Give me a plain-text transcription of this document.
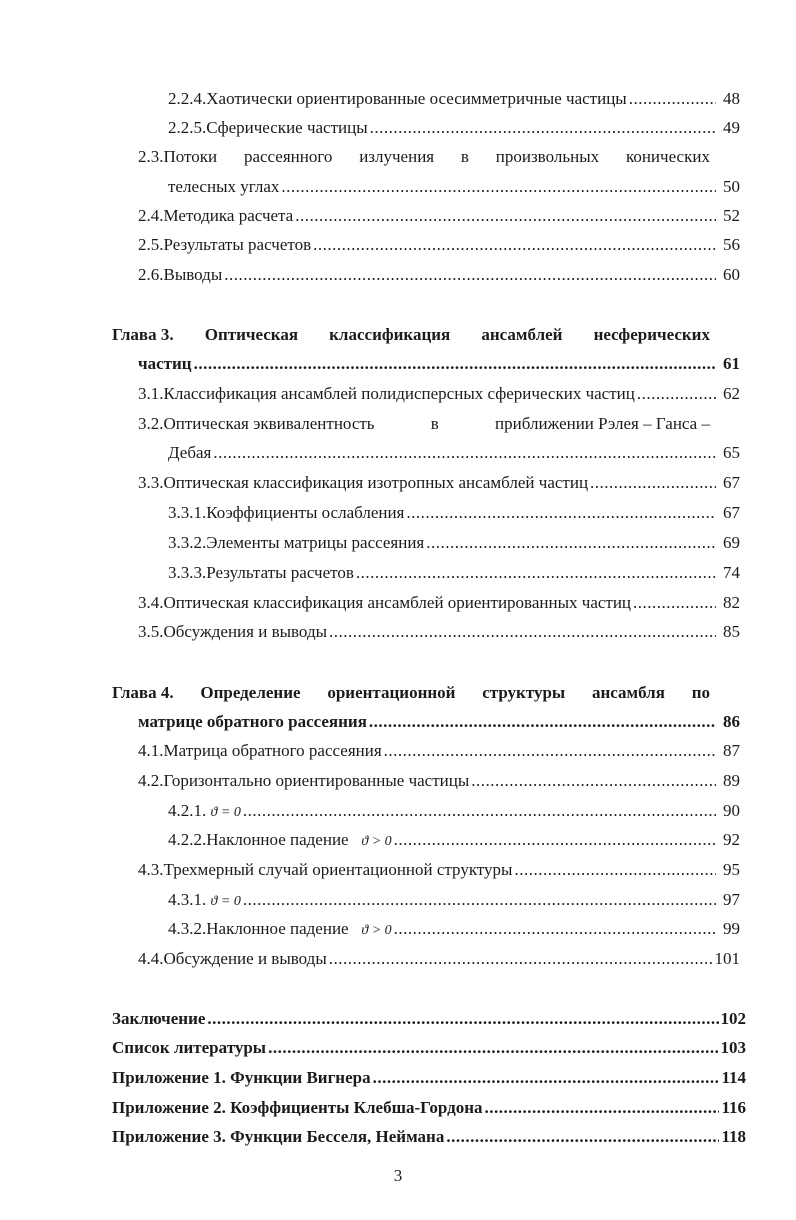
2.2.4.Хаотически ориентированные осесимметричные частицы .....	48
2.2.5.Сферические частицы .....	49
2.3.Потоки рассеянного излучения в произвольных конических
телесных углах .....	50
2.4.Методика расчета .....	52
2.5.Результаты расчетов .....	56
2.6.Выводы .....	60
Глава 3. Оптическая классификация ансамблей несферических
частиц .....	61
3.1.Классификация ансамблей полидисперсных сферических частиц .....	62
3.2.Оптическая эквивалентность	в	приближении Рэлея – Ганса –
Дебая .....	65
3.3.Оптическая классификация изотропных ансамблей частиц .....	67
3.3.1.Коэффициенты ослабления .....	67
3.3.2.Элементы матрицы рассеяния .....	69
3.3.3.Результаты расчетов .....	74
3.4.Оптическая классификация ансамблей ориентированных частиц .....	82
3.5.Обсуждения и выводы .....	85
Глава 4. Определение ориентационной структуры ансамбля по
матрице обратного рассеяния .....	86
4.1.Матрица обратного рассеяния .....	87
4.2.Горизонтально ориентированные частицы .....	89
4.2.1. ϑ = 0 .....	90
4.2.2.Наклонное падение ϑ > 0 .....	92
4.3.Трехмерный случай ориентационной структуры .....	95
4.3.1. ϑ = 0 .....	97
4.3.2.Наклонное падение ϑ > 0 .....	99
4.4.Обсуждение и выводы .....	101
Заключение .....	102
Список литературы .....	103
Приложение 1. Функции Вигнера .....	114
Приложение 2. Коэффициенты Клебша-Гордона .....	116
Приложение 3. Функции Бесселя, Неймана .....	118
3
